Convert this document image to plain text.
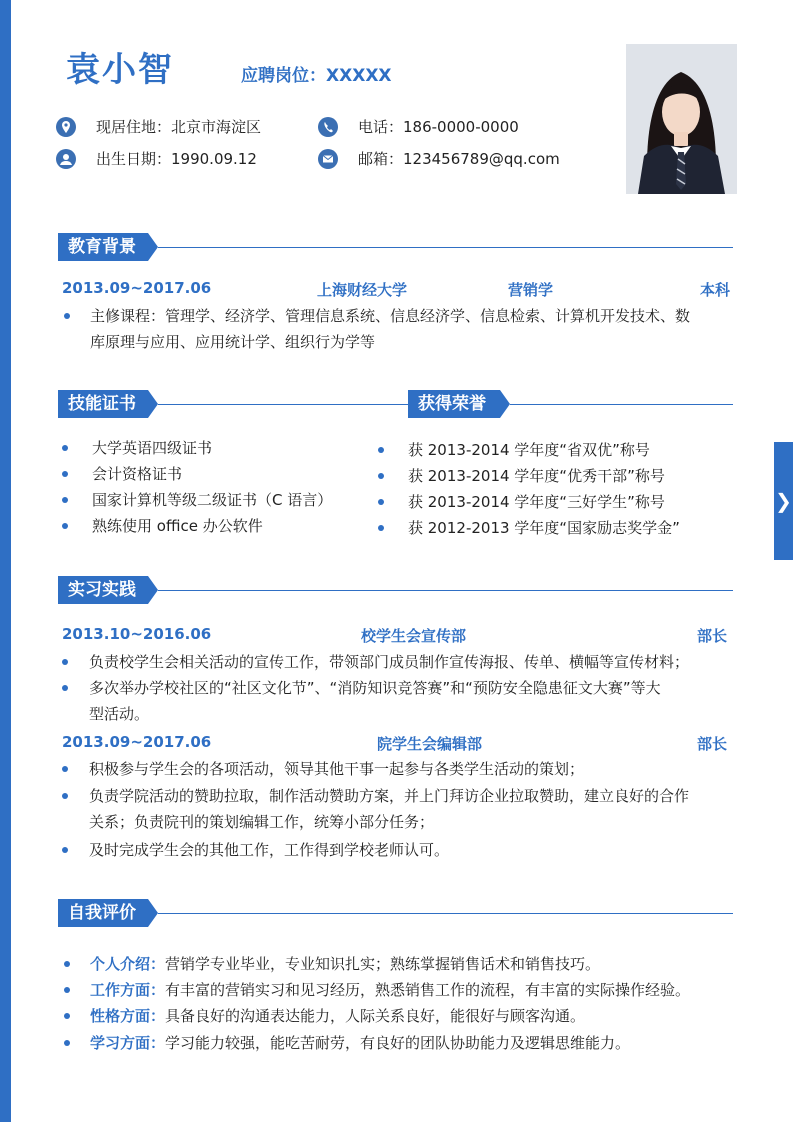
❯
袁小智	应聘岗位：XXXXX
现居住地：北京市海淀区
出生日期：1990.09.12
电话：186-0000-0000
邮箱：123456789@qq.com
教育背景
2013.09~2017.06	上海财经大学	营销学	本科
主修课程：管理学、经济学、管理信息系统、信息经济学、信息检索、计算机开发技术、数
库原理与应用、应用统计学、组织行为学等
技能证书
大学英语四级证书
会计资格证书
国家计算机等级二级证书（C 语言）
熟练使用 office 办公软件
获得荣誉
获 2013-2014 学年度“省双优”称号
获 2013-2014 学年度“优秀干部”称号
获 2013-2014 学年度“三好学生”称号
获 2012-2013 学年度“国家励志奖学金”
实习实践
2013.10~2016.06	校学生会宣传部	部长
负责校学生会相关活动的宣传工作，带领部门成员制作宣传海报、传单、横幅等宣传材料；
多次举办学校社区的“社区文化节”、“消防知识竞答赛”和“预防安全隐患征文大赛”等大
型活动。
2013.09~2017.06	院学生会编辑部	部长
积极参与学生会的各项活动，领导其他干事一起参与各类学生活动的策划；
负责学院活动的赞助拉取，制作活动赞助方案，并上门拜访企业拉取赞助，建立良好的合作
关系；负责院刊的策划编辑工作，统筹小部分任务；
及时完成学生会的其他工作，工作得到学校老师认可。
自我评价
个人介绍：营销学专业毕业，专业知识扎实；熟练掌握销售话术和销售技巧。
工作方面：有丰富的营销实习和见习经历，熟悉销售工作的流程，有丰富的实际操作经验。
性格方面：具备良好的沟通表达能力，人际关系良好，能很好与顾客沟通。
学习方面：学习能力较强，能吃苦耐劳，有良好的团队协助能力及逻辑思维能力。
